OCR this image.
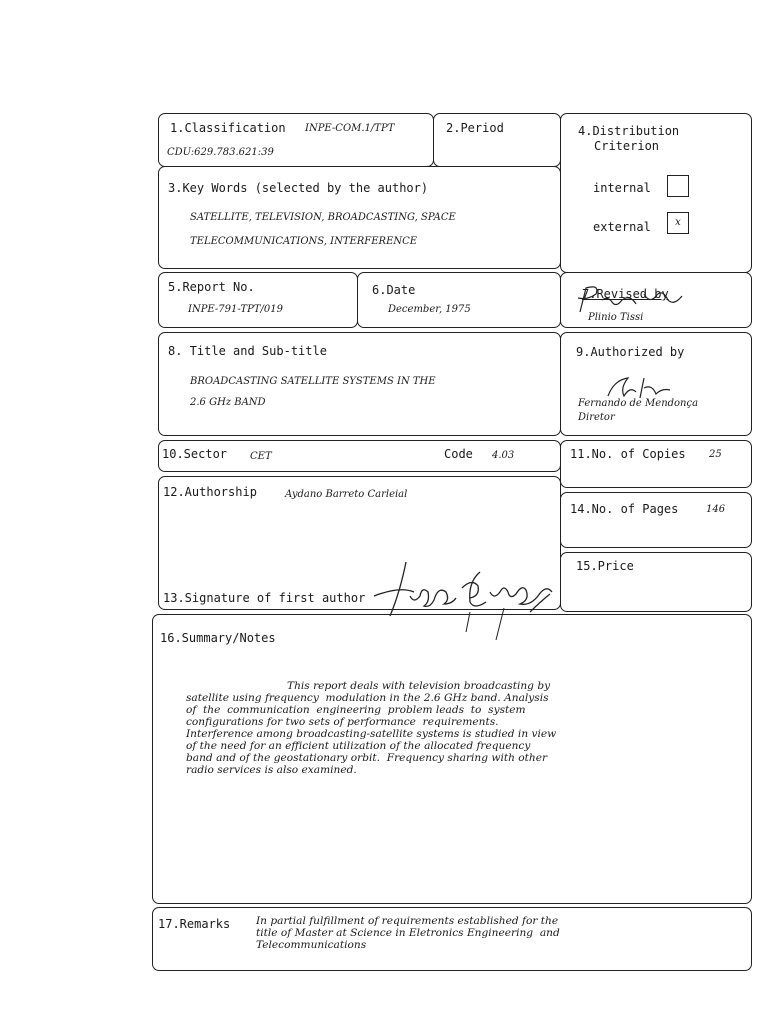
1.Classification INPE-COM.1/TPT
CDU:629.783.621:39
2.Period	4.Distribution
Criterion
internal
external	x
3.Key Words (selected by the author)
SATELLITE, TELEVISION, BROADCASTING, SPACE
TELECOMMUNICATIONS, INTERFERENCE
5.Report No.
INPE-791-TPT/019
6.Date
December, 1975
7.Revised by
Plinio Tissi
8. Title and Sub-title
BROADCASTING SATELLITE SYSTEMS IN THE
2.6 GHz BAND
9.Authorized by
Fernando de Mendonça
Diretor
10.Sector CET	Code 4.03	11.No. of Copies 25
12.Authorship	Aydano Barreto Carleial
13.Signature of first author
14.No. of Pages	146
15.Price
16.Summary/Notes
This report deals with television broadcasting by
satellite using frequency  modulation in the 2.6 GHz band. Analysis
of  the  communication  engineering  problem leads  to  system
configurations for two sets of performance  requirements.
Interference among broadcasting-satellite systems is studied in view
of the need for an efficient utilization of the allocated frequency
band and of the geostationary orbit.  Frequency sharing with other
radio services is also examined.
17.Remarks In partial fulfillment of requirements established for the
title of Master at Science in Eletronics Engineering  and
Telecommunications
